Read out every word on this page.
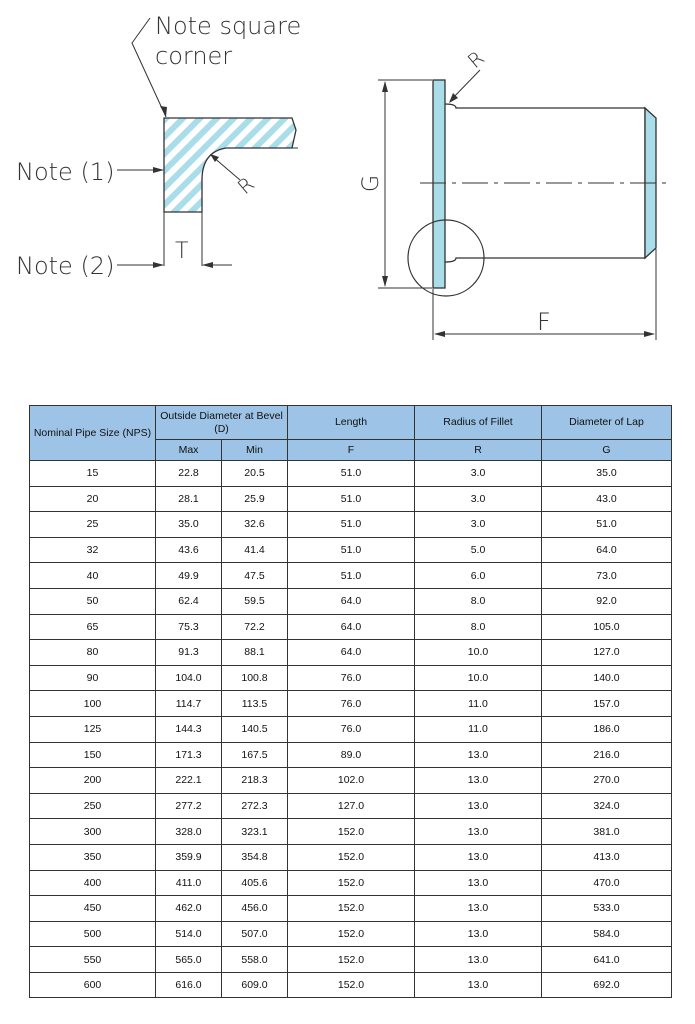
Note square
corner
Note (1)
Note (2)
R
T
R
G
F
Nominal Pipe Size (NPS)	Outside Diameter at Bevel (D)		Length	Radius of Fillet	Diameter of Lap
	Max	Min	F	R	G
15	22.8	20.5	51.0	3.0	35.0
20	28.1	25.9	51.0	3.0	43.0
25	35.0	32.6	51.0	3.0	51.0
32	43.6	41.4	51.0	5.0	64.0
40	49.9	47.5	51.0	6.0	73.0
50	62.4	59.5	64.0	8.0	92.0
65	75.3	72.2	64.0	8.0	105.0
80	91.3	88.1	64.0	10.0	127.0
90	104.0	100.8	76.0	10.0	140.0
100	114.7	113.5	76.0	11.0	157.0
125	144.3	140.5	76.0	11.0	186.0
150	171.3	167.5	89.0	13.0	216.0
200	222.1	218.3	102.0	13.0	270.0
250	277.2	272.3	127.0	13.0	324.0
300	328.0	323.1	152.0	13.0	381.0
350	359.9	354.8	152.0	13.0	413.0
400	411.0	405.6	152.0	13.0	470.0
450	462.0	456.0	152.0	13.0	533.0
500	514.0	507.0	152.0	13.0	584.0
550	565.0	558.0	152.0	13.0	641.0
600	616.0	609.0	152.0	13.0	692.0
